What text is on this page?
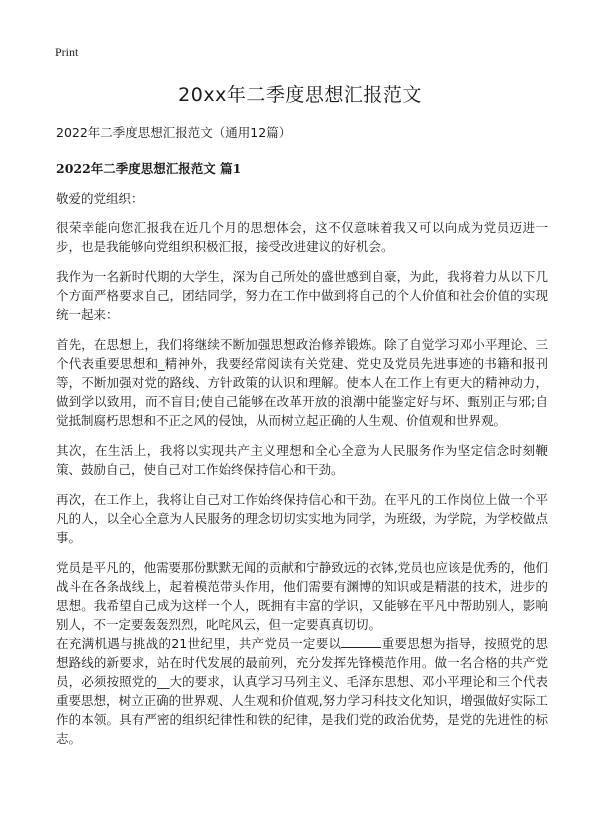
Print
20xx年二季度思想汇报范文

2022年二季度思想汇报范文（通用12篇）

2022年二季度思想汇报范文 篇1

敬爱的党组织：

很荣幸能向您汇报我在近几个月的思想体会，这不仅意味着我又可以向成为党员迈进一步，也是我能够向党组织积极汇报，接受改进建议的好机会。

我作为一名新时代期的大学生，深为自己所处的盛世感到自豪，为此，我将着力从以下几个方面严格要求自己，团结同学，努力在工作中做到将自己的个人价值和社会价值的实现统一起来：

首先，在思想上，我们将继续不断加强思想政治修养锻炼。除了自觉学习邓小平理论、三个代表重要思想和_精神外，我要经常阅读有关党建、党史及党员先进事迹的书籍和报刊等，不断加强对党的路线、方针政策的认识和理解。使本人在工作上有更大的精神动力，做到学以致用，而不盲目;使自己能够在改革开放的浪潮中能鉴定好与坏、甄别正与邪;自觉抵制腐朽思想和不正之风的侵蚀，从而树立起正确的人生观、价值观和世界观。

其次，在生活上，我将以实现共产主义理想和全心全意为人民服务作为坚定信念时刻鞭策、鼓励自己，使自己对工作始终保持信心和干劲。

再次，在工作上，我将让自己对工作始终保持信心和干劲。在平凡的工作岗位上做一个平凡的人，以全心全意为人民服务的理念切切实实地为同学，为班级，为学院，为学校做点事。

党员是平凡的，他需要那份默默无闻的贡献和宁静致远的衣钵,党员也应该是优秀的，他们战斗在各条战线上，起着模范带头作用，他们需要有渊博的知识或是精湛的技术，进步的思想。我希望自己成为这样一个人，既拥有丰富的学识，又能够在平凡中帮助别人，影响别人，不一定要轰轰烈烈，叱咤风云，但一定要真真切切。

在充满机遇与挑战的21世纪里，共产党员一定要以	重要思想为指导，按照党的思想路线的新要求，站在时代发展的最前列，充分发挥先锋模范作用。做一名合格的共产党员，必须按照党的__大的要求，认真学习马列主义、毛泽东思想、邓小平理论和三个代表重要思想，树立正确的世界观、人生观和价值观,努力学习科技文化知识，增强做好实际工作的本领。具有严密的组织纪律性和铁的纪律，是我们党的政治优势，是党的先进性的标志。
